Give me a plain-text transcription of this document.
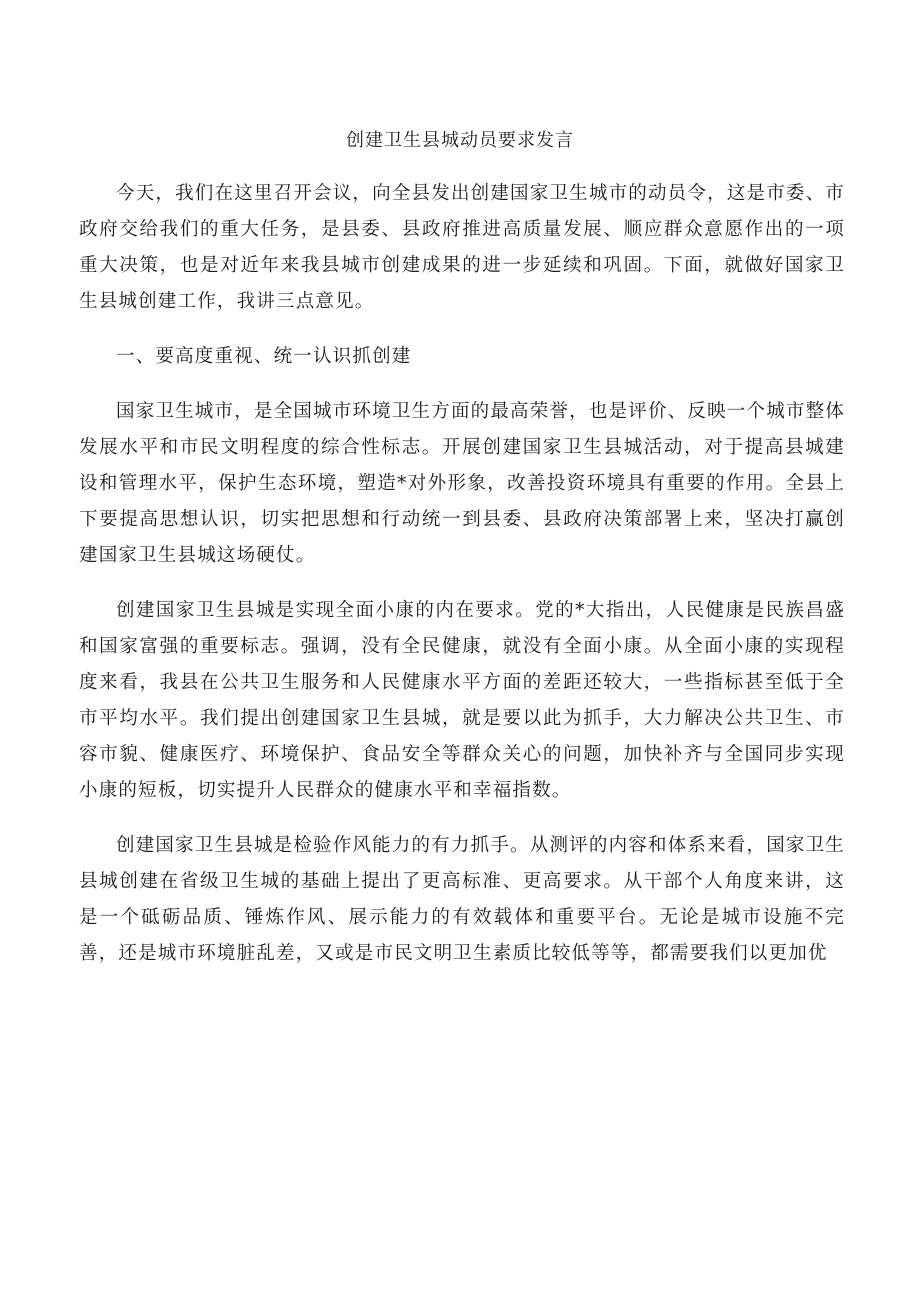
创建卫生县城动员要求发言

今天，我们在这里召开会议，向全县发出创建国家卫生城市的动员令，这是市委、市政府交给我们的重大任务，是县委、县政府推进高质量发展、顺应群众意愿作出的一项重大决策，也是对近年来我县城市创建成果的进一步延续和巩固。下面，就做好国家卫生县城创建工作，我讲三点意见。

一、要高度重视、统一认识抓创建

国家卫生城市，是全国城市环境卫生方面的最高荣誉，也是评价、反映一个城市整体发展水平和市民文明程度的综合性标志。开展创建国家卫生县城活动，对于提高县城建设和管理水平，保护生态环境，塑造*对外形象，改善投资环境具有重要的作用。全县上下要提高思想认识，切实把思想和行动统一到县委、县政府决策部署上来，坚决打赢创建国家卫生县城这场硬仗。

创建国家卫生县城是实现全面小康的内在要求。党的*大指出，人民健康是民族昌盛和国家富强的重要标志。强调，没有全民健康，就没有全面小康。从全面小康的实现程度来看，我县在公共卫生服务和人民健康水平方面的差距还较大，一些指标甚至低于全市平均水平。我们提出创建国家卫生县城，就是要以此为抓手，大力解决公共卫生、市容市貌、健康医疗、环境保护、食品安全等群众关心的问题，加快补齐与全国同步实现小康的短板，切实提升人民群众的健康水平和幸福指数。

创建国家卫生县城是检验作风能力的有力抓手。从测评的内容和体系来看，国家卫生县城创建在省级卫生城的基础上提出了更高标准、更高要求。从干部个人角度来讲，这是一个砥砺品质、锤炼作风、展示能力的有效载体和重要平台。无论是城市设施不完善，还是城市环境脏乱差，又或是市民文明卫生素质比较低等等，都需要我们以更加优
